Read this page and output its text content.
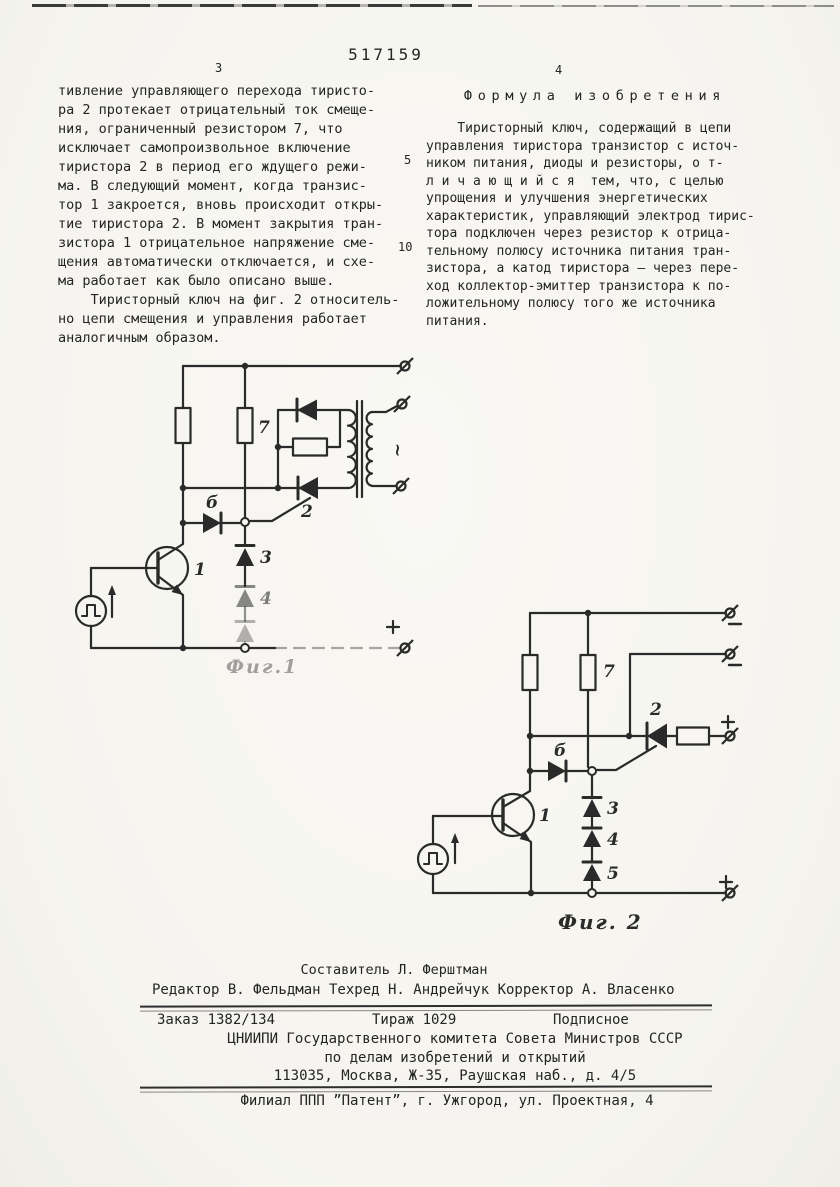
517159
3	4
тивление управляющего перехода тиристо-
ра 2 протекает отрицательный ток смеще-
ния, ограниченный резистором 7, что
исключает самопроизвольное включение
тиристора 2 в период его ждущего режи-
ма. В следующий момент, когда транзис-
тор 1 закроется, вновь происходит откры-
тие тиристора 2. В момент закрытия тран-
зистора 1 отрицательное напряжение сме-
щения автоматически отключается, и схе-
ма работает как было описано выше.
Тиристорный ключ на фиг. 2 относитель-
но цепи смещения и управления работает
аналогичным образом.
Формула изобретения
Тиристорный ключ, содержащий в цепи
управления тиристора транзистор с источ-
ником питания, диоды и резисторы, о т-
л и ч а ю щ и й с я  тем, что, с целью
упрощения и улучшения энергетических
характеристик, управляющий электрод тирис-
тора подключен через резистор к отрица-
тельному полюсу источника питания тран-
зистора, а катод тиристора – через пере-
ход коллектор-эмиттер транзистора к по-
ложительному полюсу того же источника
питания.
5
10
7
2
б
1
3
4
~
Фиг.1	7
2
б
1	3
4
5
Фиг. 2
Составитель Л. Ферштман
Редактор В. Фельдман Техред Н. Андрейчук Корректор А. Власенко
Заказ 1382/134	Тираж 1029	Подписное
ЦНИИПИ Государственного комитета Совета Министров СССР
по делам изобретений и открытий
113035, Москва, Ж-35, Раушская наб., д. 4/5
Филиал ППП ”Патент”, г. Ужгород, ул. Проектная, 4
